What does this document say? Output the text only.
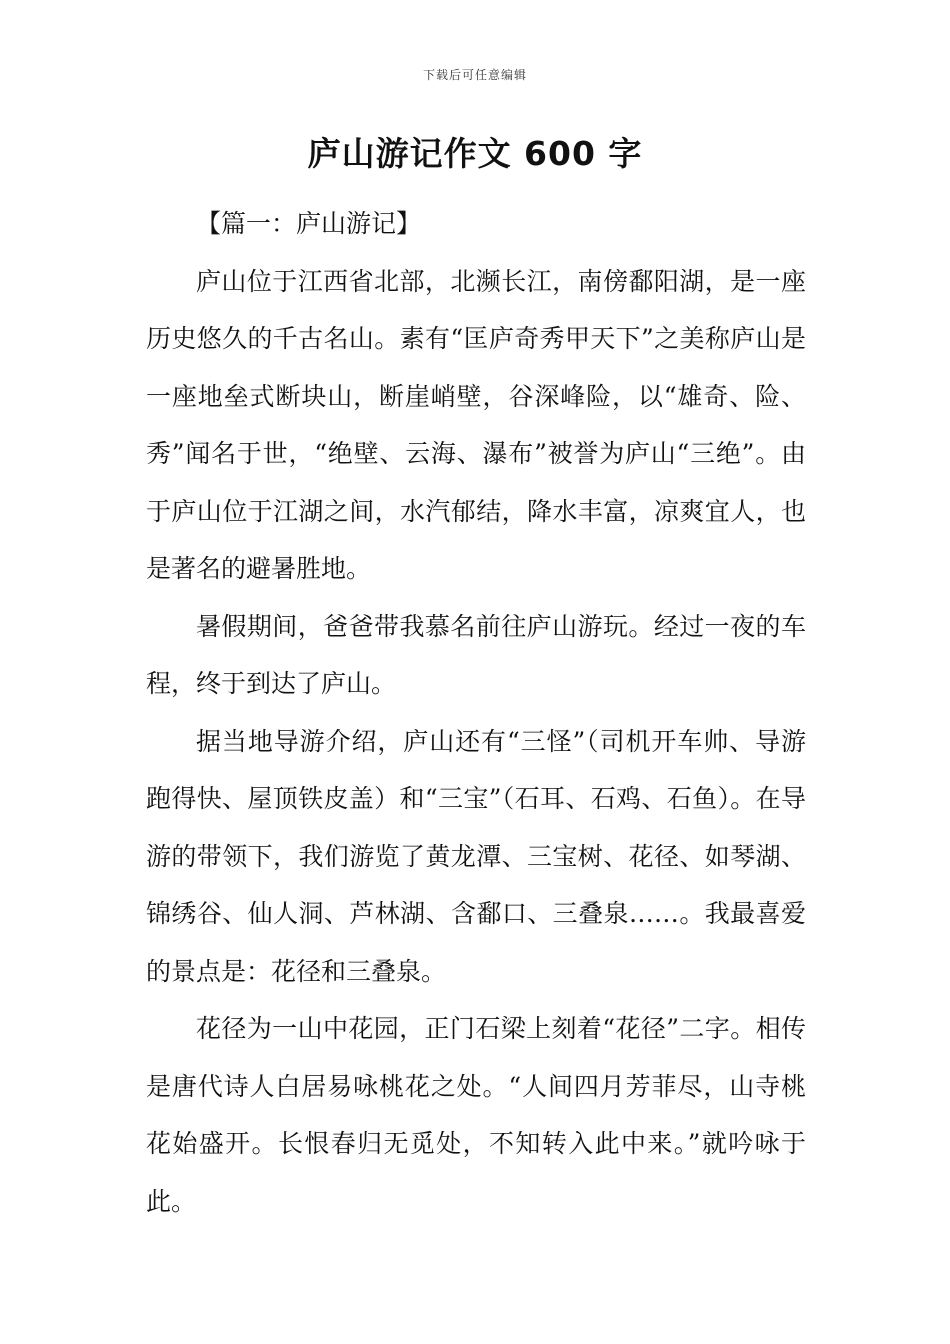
下载后可任意编辑
庐山游记作文 600 字

【篇一：庐山游记】

庐山位于江西省北部，北濒长江，南傍鄱阳湖，是一座历史悠久的千古名山。素有“匡庐奇秀甲天下”之美称庐山是一座地垒式断块山，断崖峭壁，谷深峰险，以“雄奇、险、秀”闻名于世，“绝壁、云海、瀑布”被誉为庐山“三绝”。由于庐山位于江湖之间，水汽郁结，降水丰富，凉爽宜人，也是著名的避暑胜地。

暑假期间，爸爸带我慕名前往庐山游玩。经过一夜的车程，终于到达了庐山。

据当地导游介绍，庐山还有“三怪”（司机开车帅、导游跑得快、屋顶铁皮盖）和“三宝”（石耳、石鸡、石鱼）。在导游的带领下，我们游览了黄龙潭、三宝树、花径、如琴湖、锦绣谷、仙人洞、芦林湖、含鄱口、三叠泉……。我最喜爱的景点是：花径和三叠泉。

花径为一山中花园，正门石梁上刻着“花径”二字。相传是唐代诗人白居易咏桃花之处。“人间四月芳菲尽，山寺桃花始盛开。长恨春归无觅处，不知转入此中来。”就吟咏于此。
